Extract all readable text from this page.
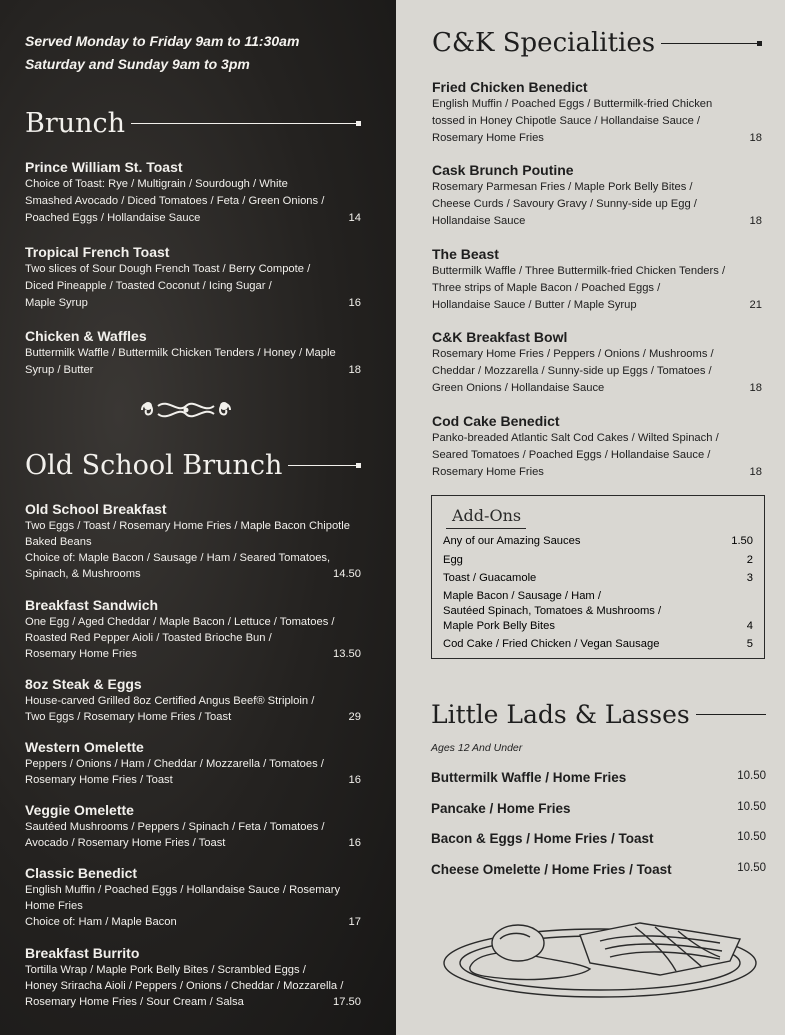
Served Monday to Friday 9am to 11:30am
Saturday and Sunday 9am to 3pm
Brunch
Prince William St. Toast
Choice of Toast: Rye / Multigrain / Sourdough / White
Smashed Avocado / Diced Tomatoes / Feta / Green Onions /
Poached Eggs / Hollandaise Sauce	14
Tropical French Toast
Two slices of Sour Dough French Toast / Berry Compote /
Diced Pineapple / Toasted Coconut / Icing Sugar /
Maple Syrup	16
Chicken & Waffles
Buttermilk Waffle / Buttermilk Chicken Tenders / Honey / Maple
Syrup / Butter	18
Old School Brunch
Old School Breakfast
Two Eggs / Toast / Rosemary Home Fries / Maple Bacon Chipotle
Baked Beans
Choice of: Maple Bacon / Sausage / Ham / Seared Tomatoes,
Spinach, & Mushrooms	14.50
Breakfast Sandwich
One Egg / Aged Cheddar / Maple Bacon / Lettuce / Tomatoes /
Roasted Red Pepper Aioli / Toasted Brioche Bun /
Rosemary Home Fries	13.50
8oz Steak & Eggs
House-carved Grilled 8oz Certified Angus Beef® Striploin /
Two Eggs / Rosemary Home Fries / Toast	29
Western Omelette
Peppers / Onions / Ham / Cheddar / Mozzarella / Tomatoes /
Rosemary Home Fries / Toast	16
Veggie Omelette
Sautéed Mushrooms / Peppers / Spinach / Feta / Tomatoes /
Avocado / Rosemary Home Fries / Toast	16
Classic Benedict
English Muffin / Poached Eggs / Hollandaise Sauce / Rosemary
Home Fries
Choice of: Ham / Maple Bacon	17
Breakfast Burrito
Tortilla Wrap / Maple Pork Belly Bites / Scrambled Eggs /
Honey Sriracha Aioli / Peppers / Onions / Cheddar / Mozzarella /
Rosemary Home Fries / Sour Cream / Salsa	17.50
C&K Specialities
Fried Chicken Benedict
English Muffin / Poached Eggs / Buttermilk-fried Chicken
tossed in Honey Chipotle Sauce / Hollandaise Sauce /
Rosemary Home Fries	18
Cask Brunch Poutine
Rosemary Parmesan Fries / Maple Pork Belly Bites /
Cheese Curds / Savoury Gravy / Sunny-side up Egg /
Hollandaise Sauce	18
The Beast
Buttermilk Waffle / Three Buttermilk-fried Chicken Tenders /
Three strips of Maple Bacon / Poached Eggs /
Hollandaise Sauce / Butter / Maple Syrup	21
C&K Breakfast Bowl
Rosemary Home Fries / Peppers / Onions / Mushrooms /
Cheddar / Mozzarella / Sunny-side up Eggs / Tomatoes /
Green Onions / Hollandaise Sauce	18
Cod Cake Benedict
Panko-breaded Atlantic Salt Cod Cakes / Wilted Spinach /
Seared Tomatoes / Poached Eggs / Hollandaise Sauce /
Rosemary Home Fries	18
Add-Ons
Any of our Amazing Sauces	1.50
Egg	2
Toast / Guacamole	3
Maple Bacon / Sausage / Ham /
Sautéed Spinach, Tomatoes & Mushrooms /
Maple Pork Belly Bites	4
Cod Cake / Fried Chicken / Vegan Sausage	5
Little Lads & Lasses
Ages 12 And Under
Buttermilk Waffle / Home Fries	10.50
Pancake / Home Fries	10.50
Bacon & Eggs / Home Fries / Toast	10.50
Cheese Omelette / Home Fries / Toast	10.50
